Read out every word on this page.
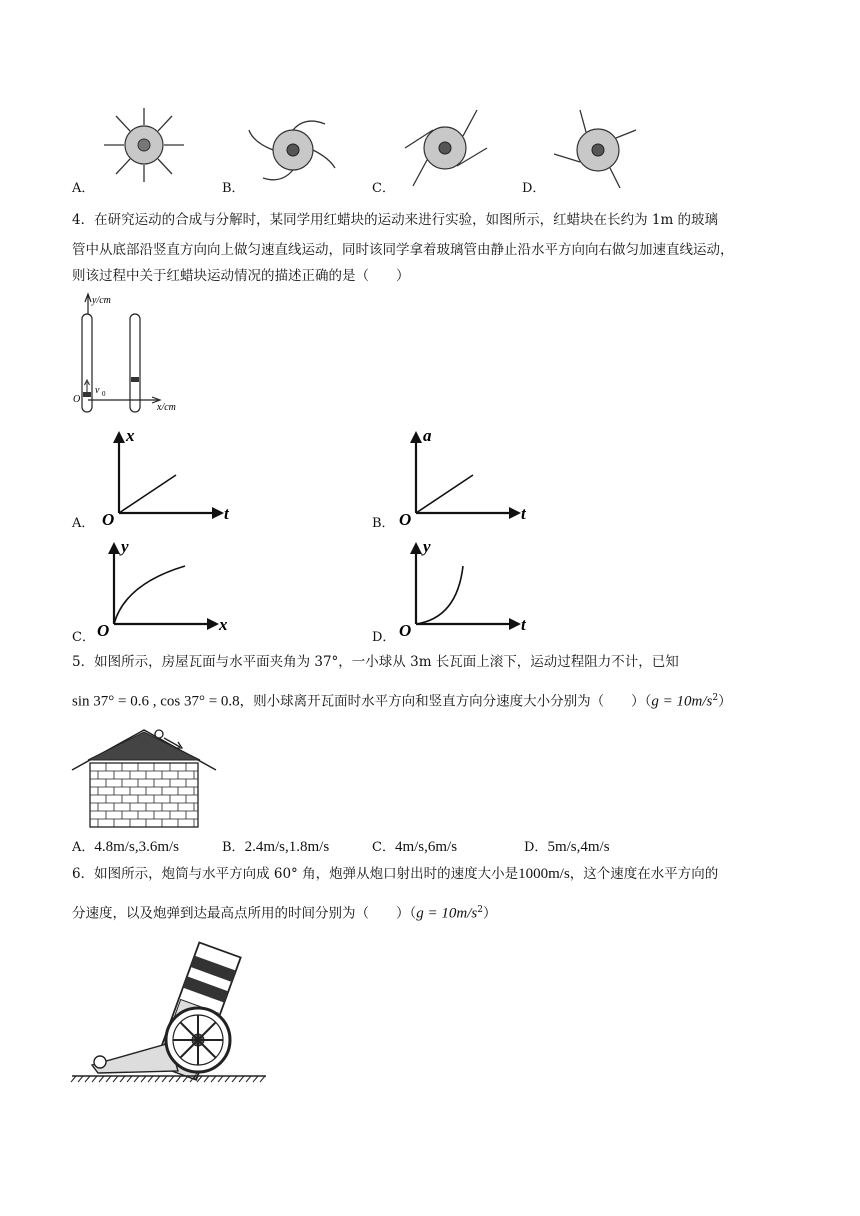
A．	B．	C．	D．
4．在研究运动的合成与分解时，某同学用红蜡块的运动来进行实验，如图所示，红蜡块在长约为 1m 的玻璃
管中从底部沿竖直方向向上做匀速直线运动，同时该同学拿着玻璃管由静止沿水平方向向右做匀加速直线运动，
则该过程中关于红蜡块运动情况的描述正确的是（　　）
y/cm
v 0
O
x/cm
A．
x
t
O	B．
a
t
O
C．
y
x
O	D．
y
t
O
5．如图所示，房屋瓦面与水平面夹角为 37°，一小球从 3m 长瓦面上滚下，运动过程阻力不计，已知
sin 37° = 0.6 , cos 37° = 0.8，则小球离开瓦面时水平方向和竖直方向分速度大小分别为（　　）$(g = 10m/s^2)$
A．4.8m/s,3.6m/s	B．2.4m/s,1.8m/s	C．4m/s,6m/s	D．5m/s,4m/s
6．如图所示，炮筒与水平方向成 60° 角，炮弹从炮口射出时的速度大小是1000m/s，这个速度在水平方向的
分速度，以及炮弹到达最高点所用的时间分别为（　　）$(g = 10m/s^2)$
